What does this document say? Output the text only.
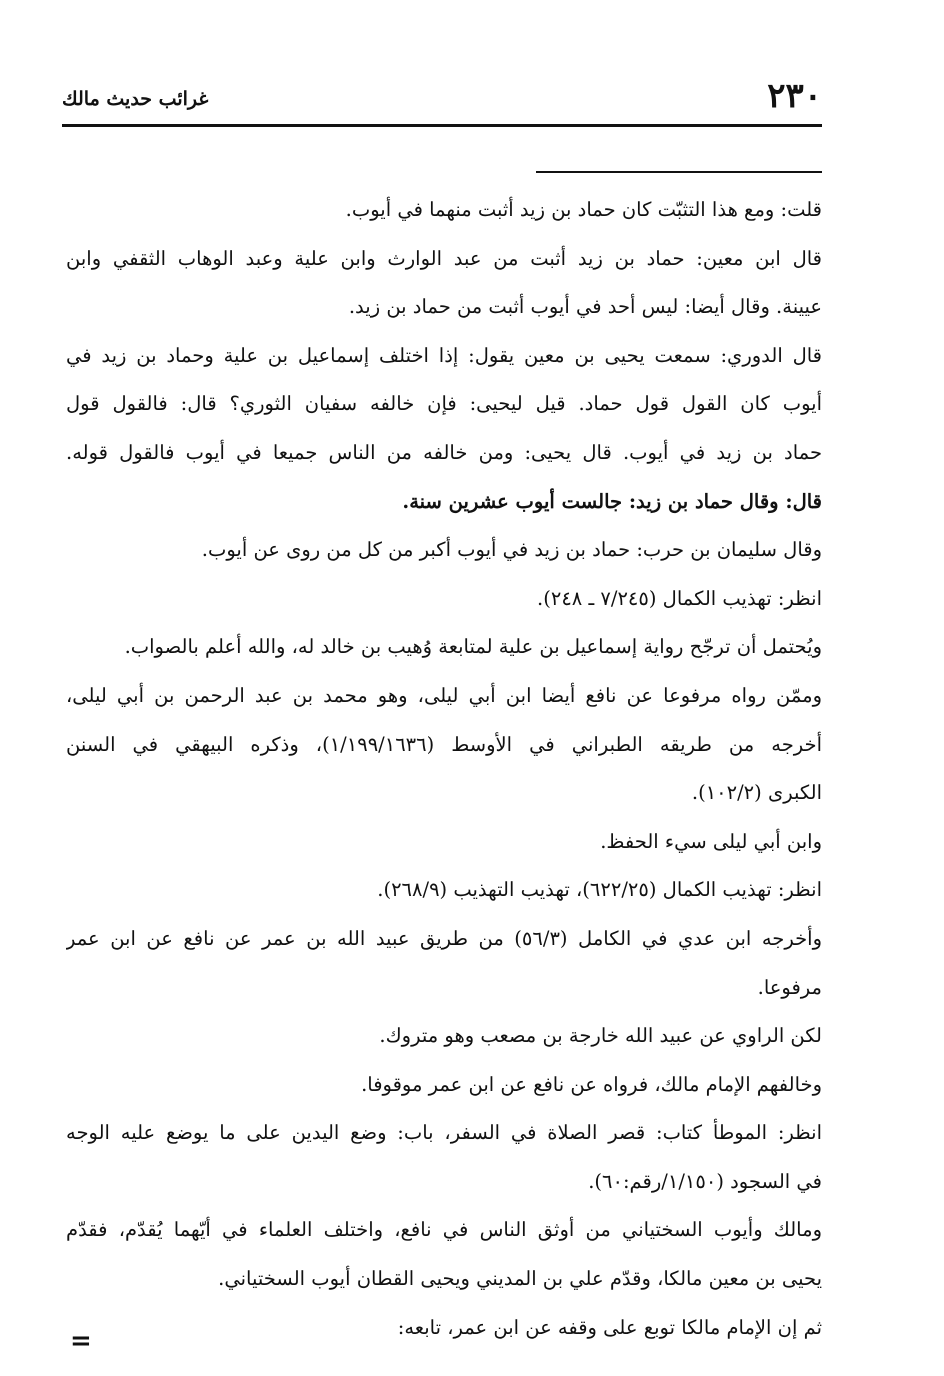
٢٣٠
غرائب حديث مالك
قلت: ومع هذا التثبّت كان حماد بن زيد أثبت منهما في أيوب.
قال ابن معين: حماد بن زيد أثبت من عبد الوارث وابن علية وعبد الوهاب الثقفي وابن
عيينة. وقال أيضا: ليس أحد في أيوب أثبت من حماد بن زيد.
قال الدوري: سمعت يحيى بن معين يقول: إذا اختلف إسماعيل بن علية وحماد بن زيد في
أيوب كان القول قول حماد. قيل ليحيى: فإن خالفه سفيان الثوري؟ قال: فالقول قول
حماد بن زيد في أيوب. قال يحيى: ومن خالفه من الناس جميعا في أيوب فالقول قوله.
قال: وقال حماد بن زيد: جالست أيوب عشرين سنة.
وقال سليمان بن حرب: حماد بن زيد في أيوب أكبر من كل من روى عن أيوب.
انظر: تهذيب الكمال (٧/٢٤٥ ـ ٢٤٨).
ويُحتمل أن ترجّح رواية إسماعيل بن علية لمتابعة وُهيب بن خالد له، والله أعلم بالصواب.
وممّن رواه مرفوعا عن نافع أيضا ابن أبي ليلى، وهو محمد بن عبد الرحمن بن أبي ليلى،
أخرجه من طريقه الطبراني في الأوسط (١/١٩٩/١٦٣٦)، وذكره البيهقي في السنن
الكبرى (١٠٢/٢).
وابن أبي ليلى سيء الحفظ.
انظر: تهذيب الكمال (٦٢٢/٢٥)، تهذيب التهذيب (٢٦٨/٩).
وأخرجه ابن عدي في الكامل (٥٦/٣) من طريق عبيد الله بن عمر عن نافع عن ابن عمر
مرفوعا.
لكن الراوي عن عبيد الله خارجة بن مصعب وهو متروك.
وخالفهم الإمام مالك، فرواه عن نافع عن ابن عمر موقوفا.
انظر: الموطأ كتاب: قصر الصلاة في السفر، باب: وضع اليدين على ما يوضع عليه الوجه
في السجود (١/١٥٠/رقم:٦٠).
ومالك وأيوب السختياني من أوثق الناس في نافع، واختلف العلماء في أيّهما يُقدّم، فقدّم
يحيى بن معين مالكا، وقدّم علي بن المديني ويحيى القطان أيوب السختياني.
ثم إن الإمام مالكا توبع على وقفه عن ابن عمر، تابعه:
=
